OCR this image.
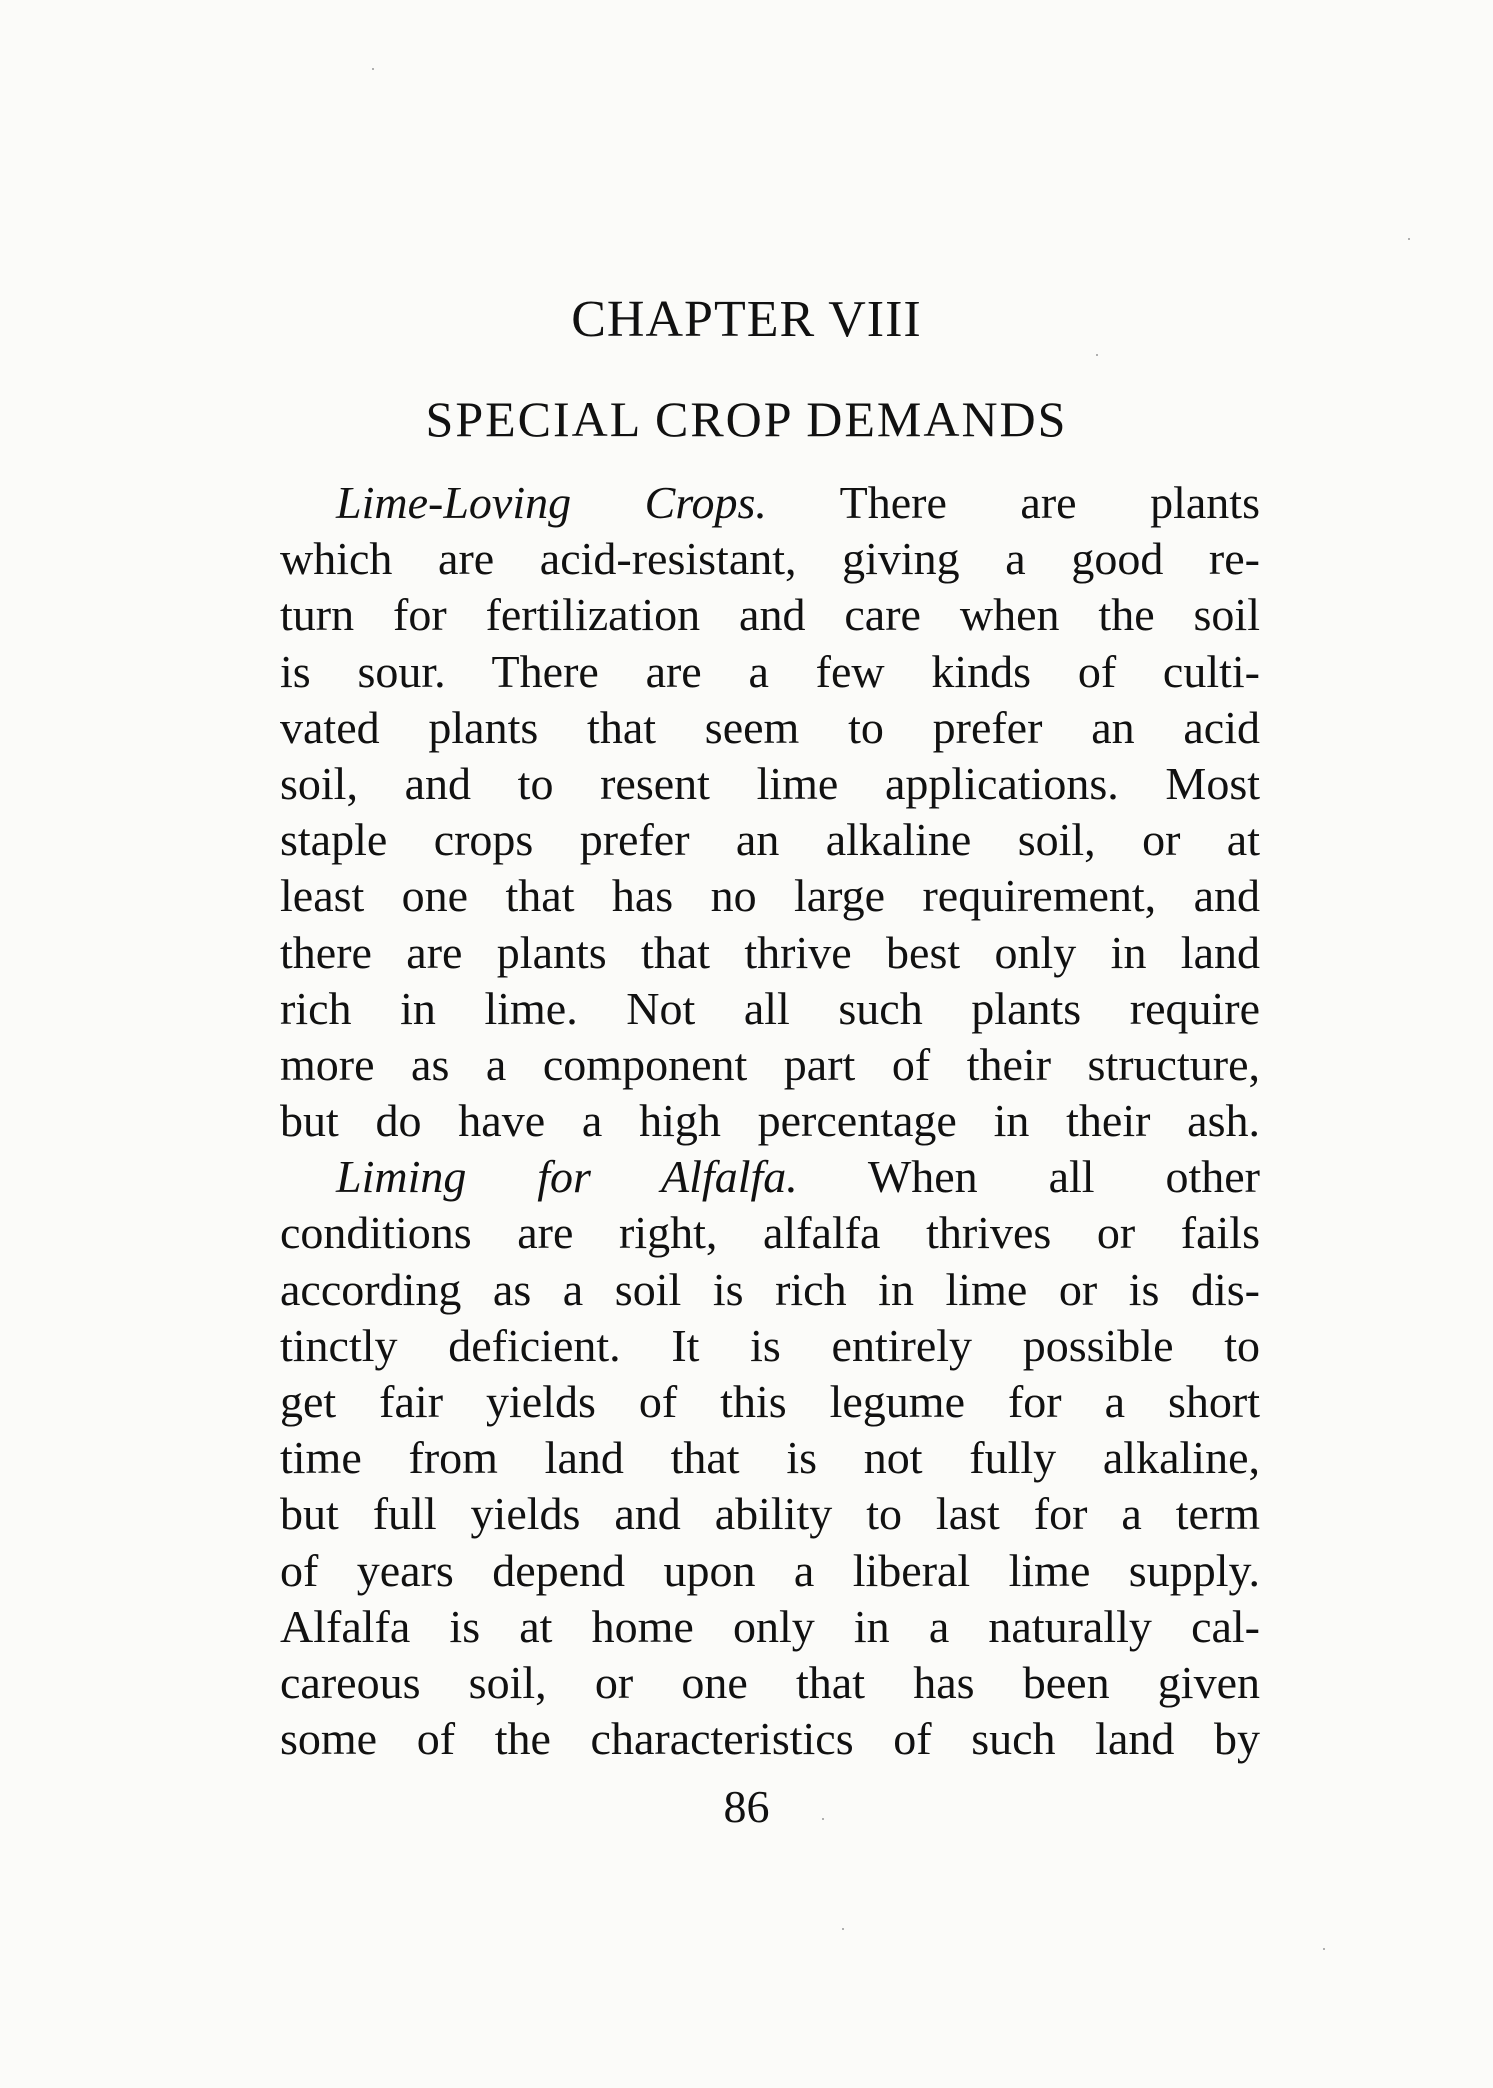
CHAPTER VIII
SPECIAL CROP DEMANDS
Lime-Loving Crops. There are plants
which are acid-resistant, giving a good re-
turn for fertilization and care when the soil
is sour. There are a few kinds of culti-
vated plants that seem to prefer an acid
soil, and to resent lime applications. Most
staple crops prefer an alkaline soil, or at
least one that has no large requirement, and
there are plants that thrive best only in land
rich in lime. Not all such plants require
more as a component part of their structure,
but do have a high percentage in their ash.
Liming for Alfalfa. When all other
conditions are right, alfalfa thrives or fails
according as a soil is rich in lime or is dis-
tinctly deficient. It is entirely possible to
get fair yields of this legume for a short
time from land that is not fully alkaline,
but full yields and ability to last for a term
of years depend upon a liberal lime supply.
Alfalfa is at home only in a naturally cal-
careous soil, or one that has been given
some of the characteristics of such land by
86
